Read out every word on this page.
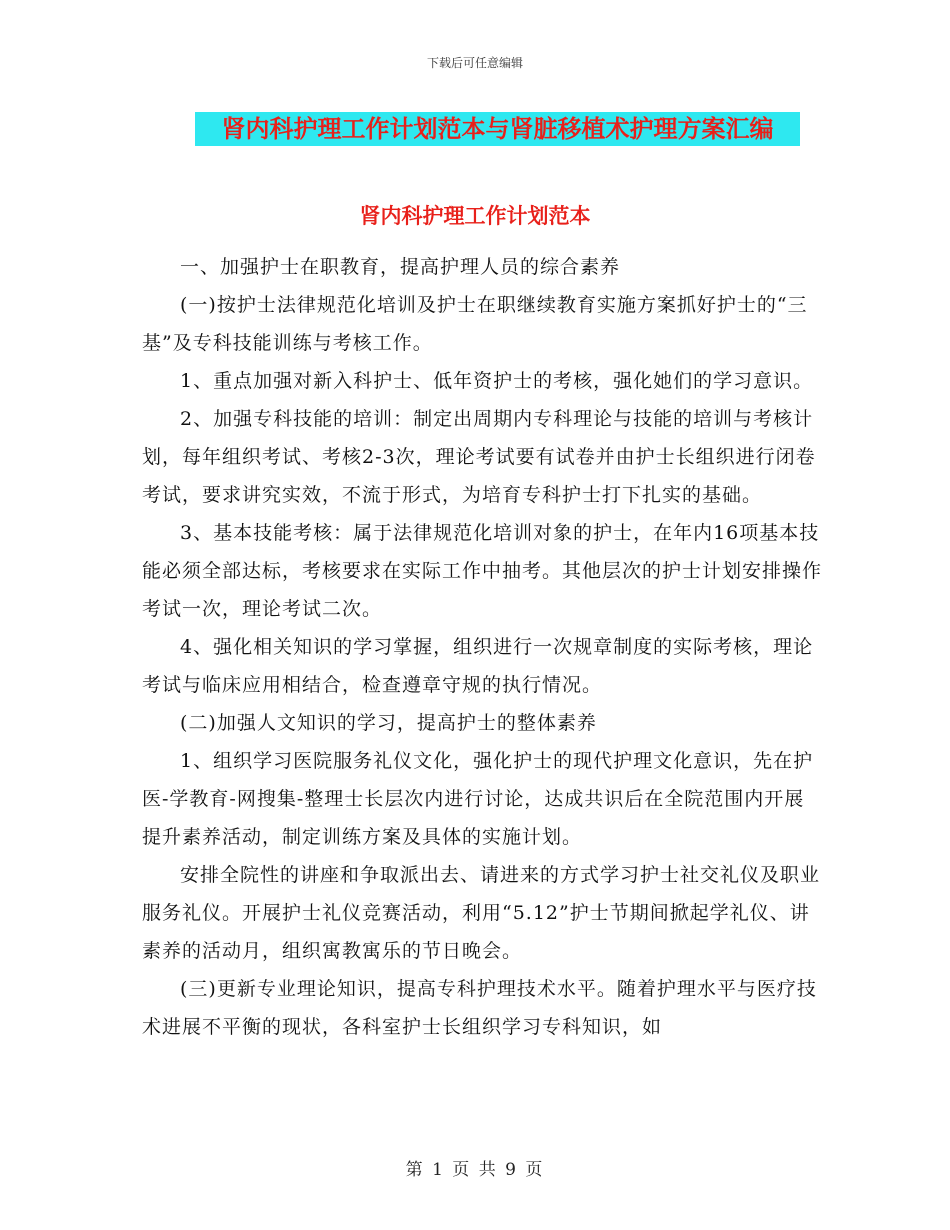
下载后可任意编辑
肾内科护理工作计划范本与肾脏移植术护理方案汇编
肾内科护理工作计划范本

一、加强护士在职教育，提高护理人员的综合素养

(一)按护士法律规范化培训及护士在职继续教育实施方案抓好护士的“三基”及专科技能训练与考核工作。

1、重点加强对新入科护士、低年资护士的考核，强化她们的学习意识。

2、加强专科技能的培训：制定出周期内专科理论与技能的培训与考核计划，每年组织考试、考核2-3次，理论考试要有试卷并由护士长组织进行闭卷考试，要求讲究实效，不流于形式，为培育专科护士打下扎实的基础。

3、基本技能考核：属于法律规范化培训对象的护士，在年内16项基本技能必须全部达标，考核要求在实际工作中抽考。其他层次的护士计划安排操作考试一次，理论考试二次。

4、强化相关知识的学习掌握，组织进行一次规章制度的实际考核，理论考试与临床应用相结合，检查遵章守规的执行情况。

(二)加强人文知识的学习，提高护士的整体素养

1、组织学习医院服务礼仪文化，强化护士的现代护理文化意识，先在护医-学教育-网搜集-整理士长层次内进行讨论，达成共识后在全院范围内开展提升素养活动，制定训练方案及具体的实施计划。

安排全院性的讲座和争取派出去、请进来的方式学习护士社交礼仪及职业服务礼仪。开展护士礼仪竞赛活动，利用“5.12”护士节期间掀起学礼仪、讲素养的活动月，组织寓教寓乐的节日晚会。

(三)更新专业理论知识，提高专科护理技术水平。随着护理水平与医疗技术进展不平衡的现状，各科室护士长组织学习专科知识，如

第 1 页 共 9 页
